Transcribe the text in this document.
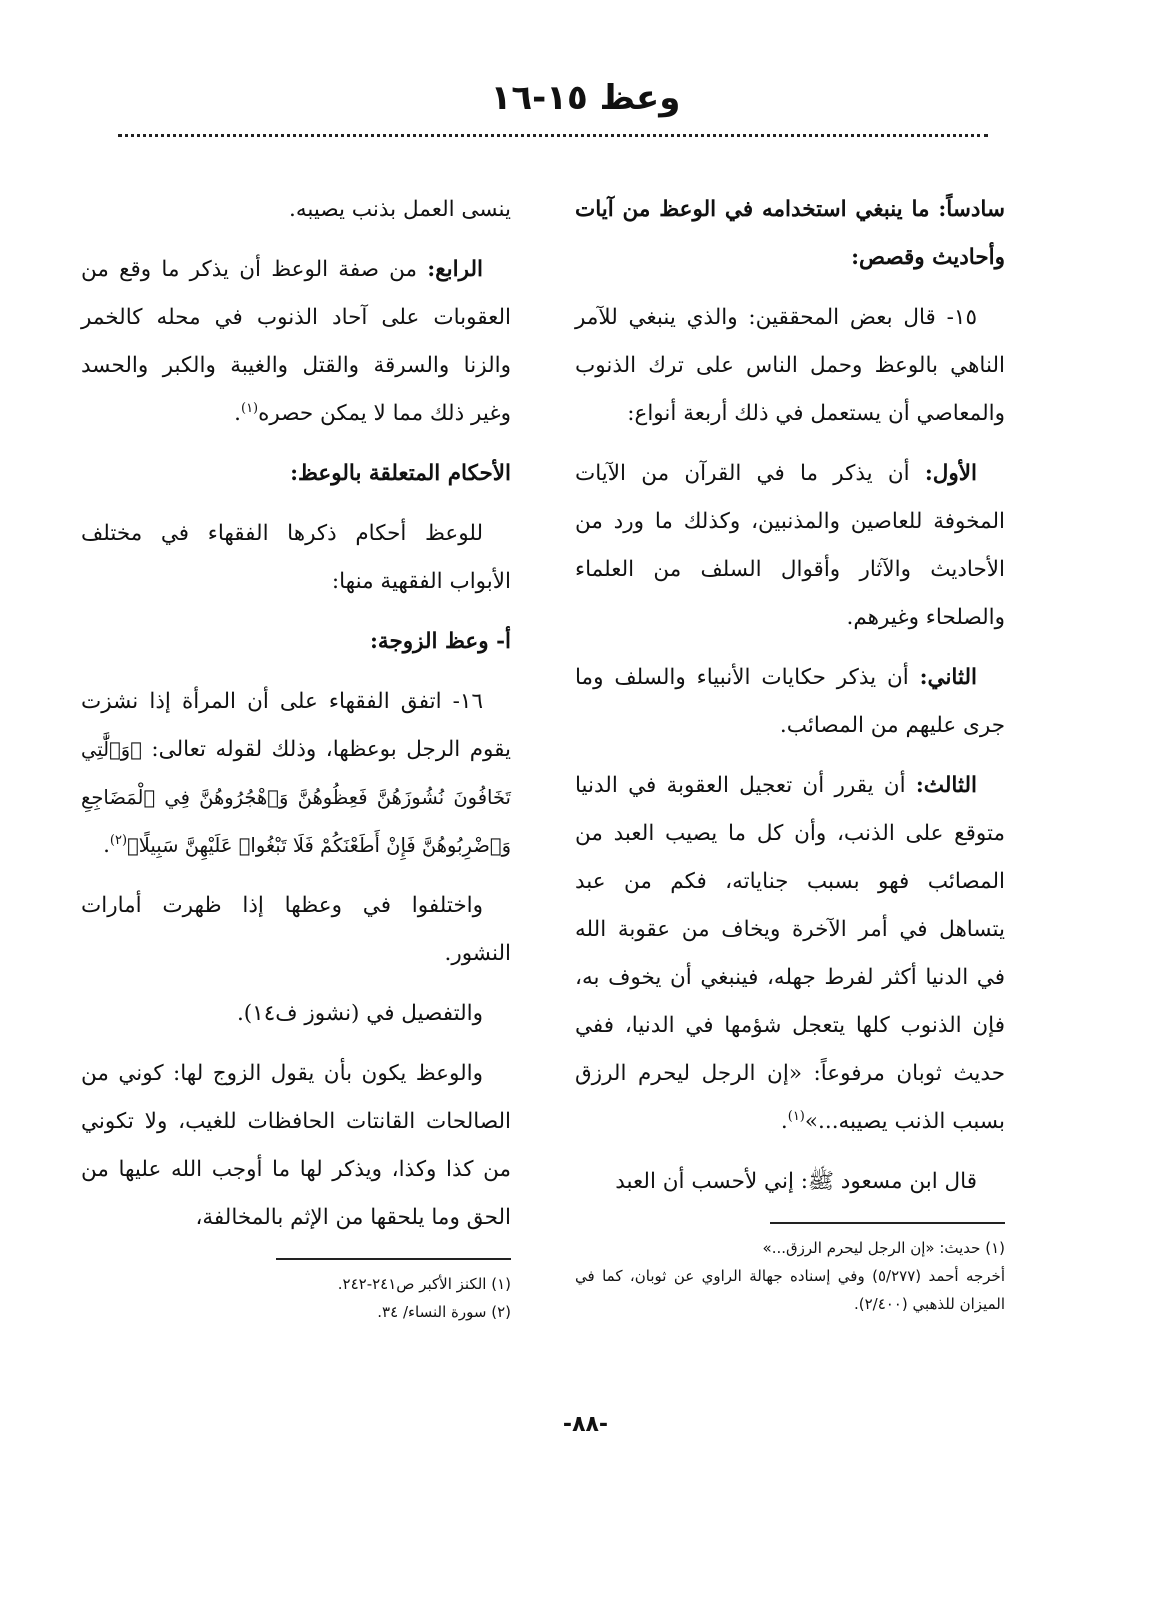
وعظ ١٥-١٦

سادساً: ما ينبغي استخدامه في الوعظ من آيات وأحاديث وقصص:

١٥- قال بعض المحققين: والذي ينبغي للآمر الناهي بالوعظ وحمل الناس على ترك الذنوب والمعاصي أن يستعمل في ذلك أربعة أنواع:

الأول: أن يذكر ما في القرآن من الآيات المخوفة للعاصين والمذنبين، وكذلك ما ورد من الأحاديث والآثار وأقوال السلف من العلماء والصلحاء وغيرهم.

الثاني: أن يذكر حكايات الأنبياء والسلف وما جرى عليهم من المصائب.

الثالث: أن يقرر أن تعجيل العقوبة في الدنيا متوقع على الذنب، وأن كل ما يصيب العبد من المصائب فهو بسبب جناياته، فكم من عبد يتساهل في أمر الآخرة ويخاف من عقوبة الله في الدنيا أكثر لفرط جهله، فينبغي أن يخوف به، فإن الذنوب كلها يتعجل شؤمها في الدنيا، ففي حديث ثوبان مرفوعاً: «إن الرجل ليحرم الرزق بسبب الذنب يصيبه...»$^{(١)}$.

قال ابن مسعود ﷺ: إني لأحسب أن العبد

(١) حديث: «إن الرجل ليحرم الرزق...»
أخرجه أحمد (٥/٢٧٧) وفي إسناده جهالة الراوي عن ثوبان، كما في الميزان للذهبي (٢/٤٠٠).

ينسى العمل بذنب يصيبه.

الرابع: من صفة الوعظ أن يذكر ما وقع من العقوبات على آحاد الذنوب في محله كالخمر والزنا والسرقة والقتل والغيبة والكبر والحسد وغير ذلك مما لا يمكن حصره$^{(١)}$.

الأحكام المتعلقة بالوعظ:

للوعظ أحكام ذكرها الفقهاء في مختلف الأبواب الفقهية منها:

أ- وعظ الزوجة:

١٦- اتفق الفقهاء على أن المرأة إذا نشزت يقوم الرجل بوعظها، وذلك لقوله تعالى: ﴿وَٱلَّٰتِي تَخَافُونَ نُشُوزَهُنَّ فَعِظُوهُنَّ وَٱهْجُرُوهُنَّ فِي ٱلْمَضَاجِعِ وَٱضْرِبُوهُنَّ فَإِنْ أَطَعْنَكُمْ فَلَا تَبْغُوا۟ عَلَيْهِنَّ سَبِيلًا﴾$^{(٢)}$.

واختلفوا في وعظها إذا ظهرت أمارات النشور.

والتفصيل في (نشوز ف١٤).

والوعظ يكون بأن يقول الزوج لها: كوني من الصالحات القانتات الحافظات للغيب، ولا تكوني من كذا وكذا، ويذكر لها ما أوجب الله عليها من الحق وما يلحقها من الإثم بالمخالفة،

(١) الكنز الأكبر ص٢٤١-٢٤٢.
(٢) سورة النساء/ ٣٤.
-٨٨-
